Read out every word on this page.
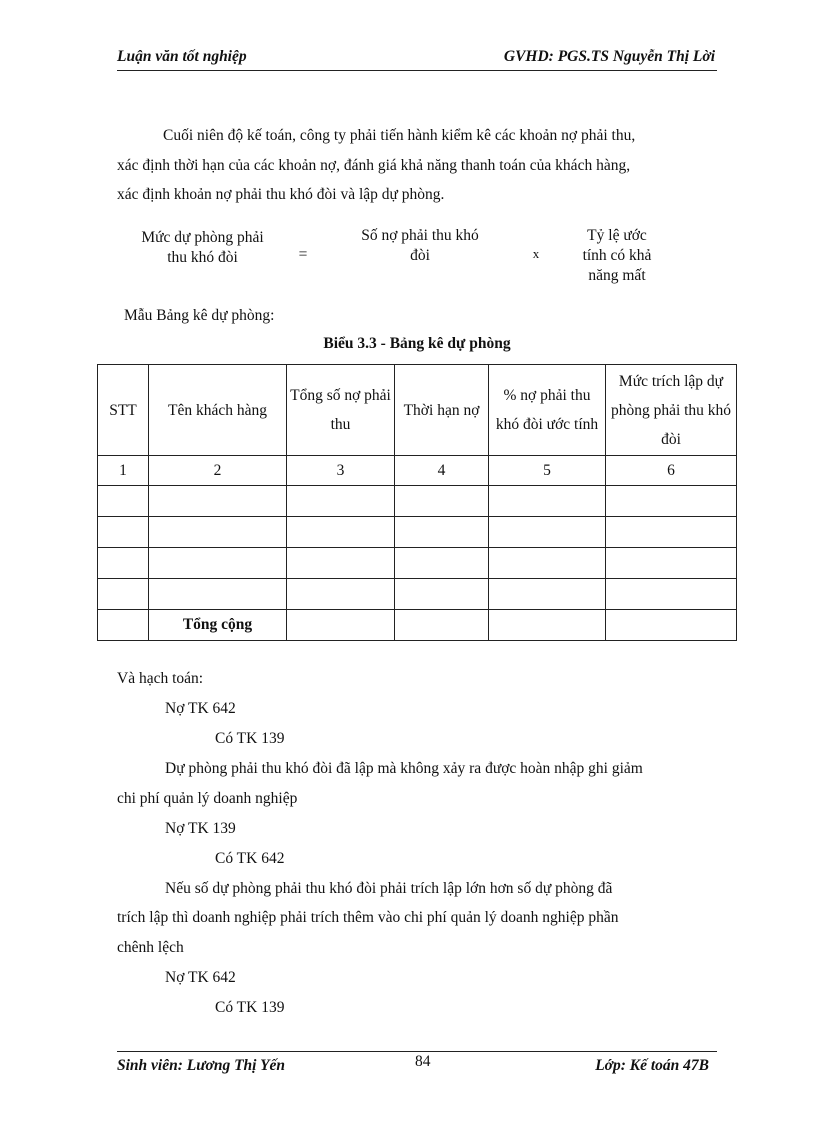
Luận văn tốt nghiệp	GVHD: PGS.TS Nguyễn Thị Lời
Cuối niên độ kế toán, công ty phải tiến hành kiểm kê các khoản nợ phải thu,
xác định thời hạn của các khoản nợ, đánh giá khả năng thanh toán của khách hàng,
xác định khoản nợ phải thu khó đòi và lập dự phòng.
Mức dự phòng phải
thu khó đòi	=
Số nợ phải thu khó
đòi	x
Tỷ lệ ước
tính có khả
năng mất
Mẫu Bảng kê dự phòng:
Biểu 3.3 - Bảng kê dự phòng
STT	Tên khách hàng	Tổng số nợ phải thu	Thời hạn nợ	% nợ phải thu khó đòi ước tính	Mức trích lập dự phòng phải thu khó đòi
1	2	3	4	5	6

	Tổng cộng				
Và hạch toán:
Nợ TK 642
Có TK 139
Dự phòng phải thu khó đòi đã lập mà không xảy ra được hoàn nhập ghi giảm
chi phí quản lý doanh nghiệp
Nợ TK 139
Có TK 642
Nếu số dự phòng phải thu khó đòi phải trích lập lớn hơn số dự phòng đã
trích lập thì doanh nghiệp phải trích thêm vào chi phí quản lý doanh nghiệp phần
chênh lệch
Nợ TK 642
Có TK 139
Sinh viên: Lương Thị Yến	84	Lớp: Kế toán 47B
